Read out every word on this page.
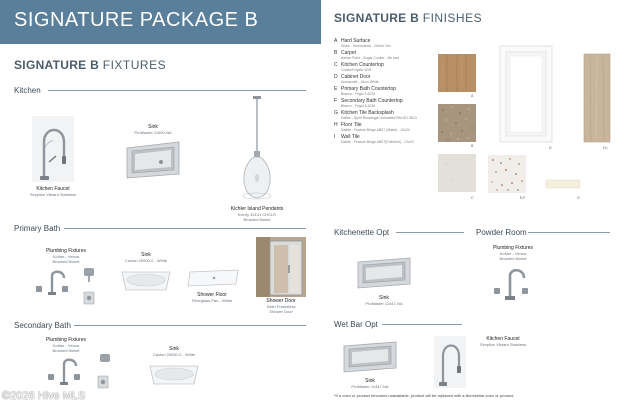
SIGNATURE PACKAGE B
SIGNATURE B FIXTURES
Kitchen
Kitchen Faucet
Simplice Vibrant Stainless
Sink
ProMaster 11600-NA
Kichler Island Pendants
Everly 42141 CHCLR
Brushed Nickel
Primary Bath
Plumbing Fixtures
Kohler - Venza
Brushed Nickel
Sink
Caxton 20000-0 - White
Shower Floor
Fiberglass Pan - White	Shower Door
Satin Frameless
Shower Door
Secondary Bath
Plumbing Fixtures
Kohler - Venza
Brushed Nickel	Sink
Caxton 20000-0 - White
SIGNATURE B FINISHES
A Hard Surface
Shaw - Homestead - Chiton Tan
B Carpet
Adrian Point - Sugar Cookie - 4lb pad
C Kitchen Countertop
Corian/Frigala 3CM
D Cabinet Door
Arendcraft - 19cm White
E Primary Bath Countertop
Blanco - Frigid 3-6CM
F Secondary Bath Countertop
Blanco - Frigid 3-6CM
G Kitchen Tile Backsplash
Daltile - Spirit Rectangle Undulated RM-SD-3613
H Floor Tile
Daltile - Feature Beige AB07 (Matte) - 12x24
I Wall Tile
Daltile - Feature Beige AB07(Polished) - 12x24
A
B
C
D
E,F	G
H,I
Kitchenette Opt
Sink
ProMaster 11447-NA
Powder Room
Plumbing Fixtures
Kohler - Venza
Brushed Nickel
Wet Bar Opt
Sink
ProMaster 11447-NA
Kitchen Faucet
Simplice Vibrant Stainless
*If a color or product becomes unavailable, product will be replaced with a like/similar color or product.
©2026 Hive MLS
